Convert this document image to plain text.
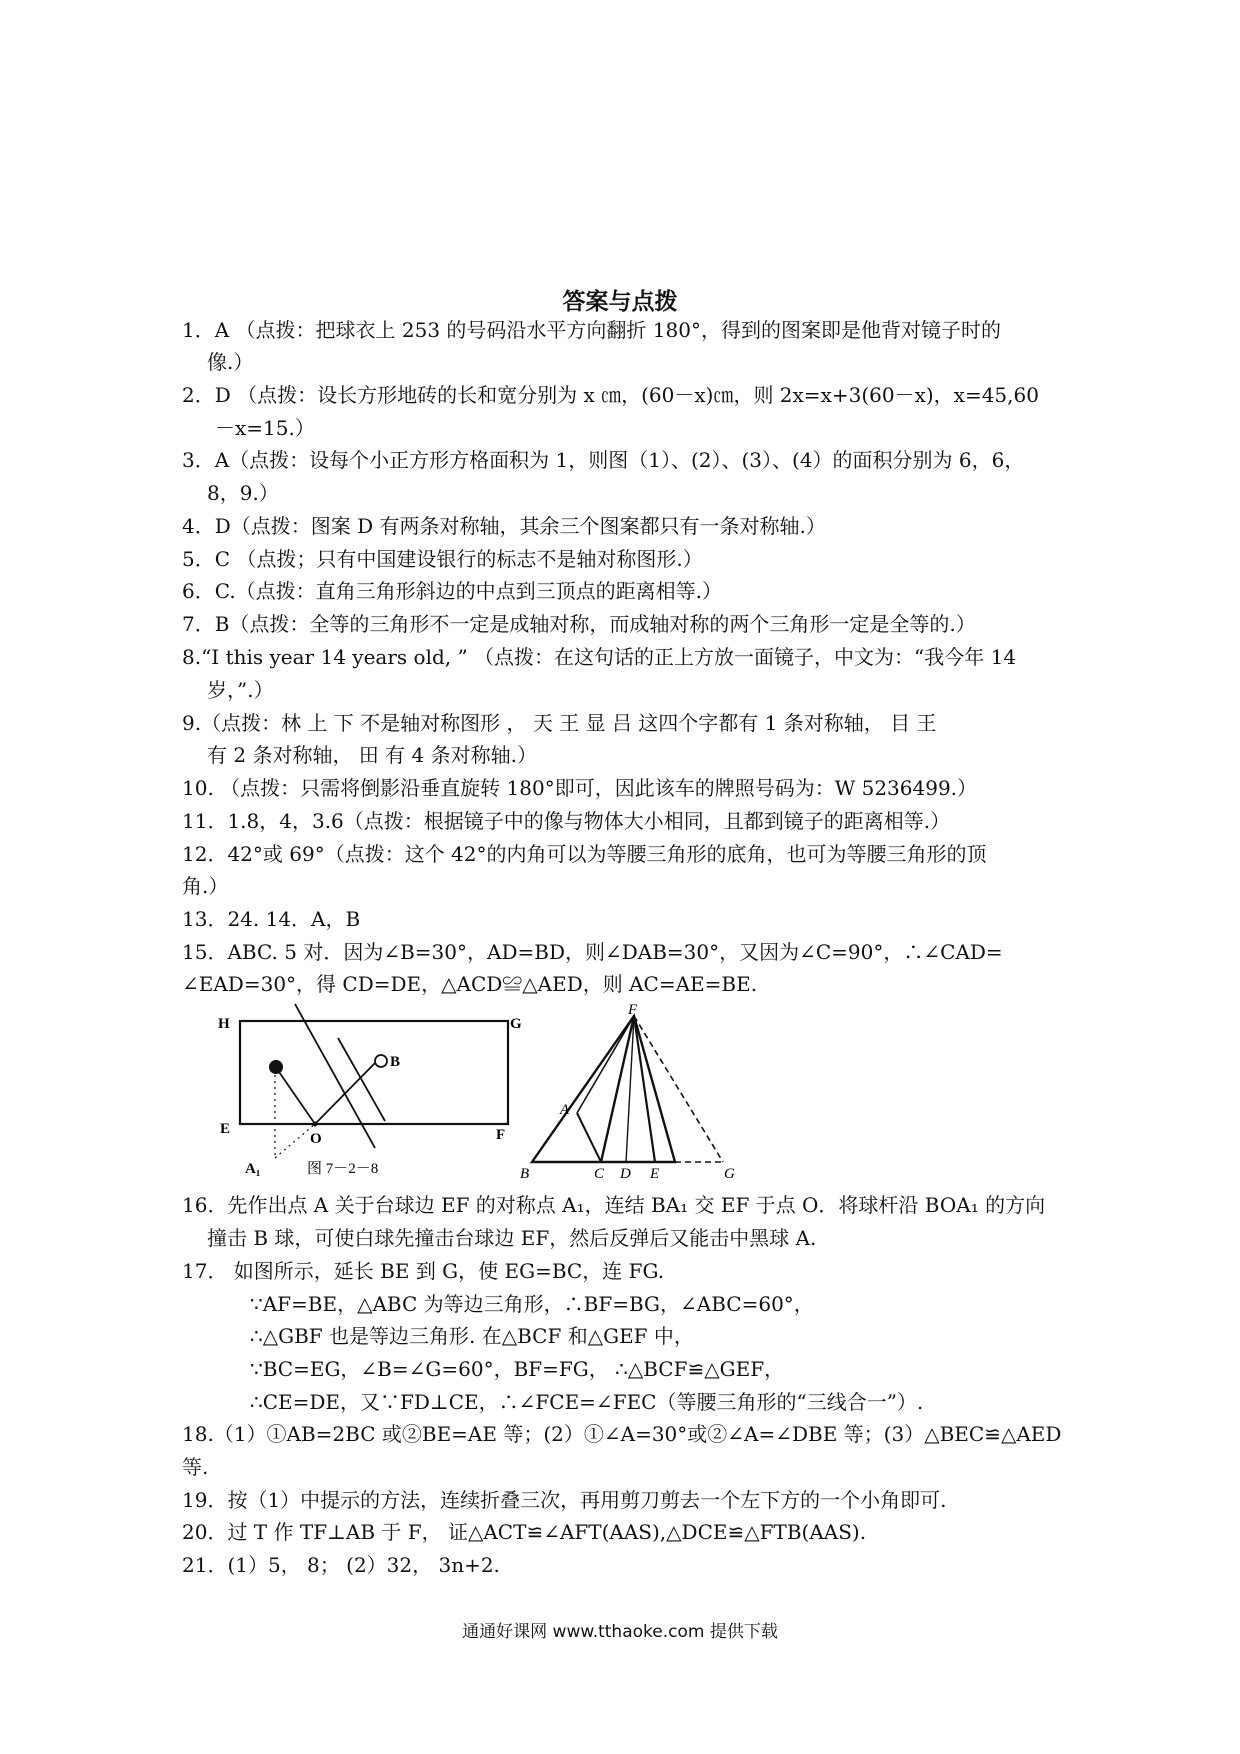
答案与点拨
1．A （点拨：把球衣上 253 的号码沿水平方向翻折 180°，得到的图案即是他背对镜子时的
像.）
2．D （点拨：设长方形地砖的长和宽分别为 x ㎝，(60－x)㎝，则 2x=x+3(60－x)，x=45,60
－x=15.）
3．A（点拨：设每个小正方形方格面积为 1，则图（1）、(2）、(3）、(4）的面积分别为 6，6，
8，9.）
4．D（点拨：图案 D 有两条对称轴，其余三个图案都只有一条对称轴.）
5．C （点拨；只有中国建设银行的标志不是轴对称图形.）
6．C.（点拨：直角三角形斜边的中点到三顶点的距离相等.）
7．B（点拨：全等的三角形不一定是成轴对称，而成轴对称的两个三角形一定是全等的.）
8.“I this year 14 years old, ” （点拨：在这句话的正上方放一面镜子，中文为：“我今年 14
岁，”.）
9.（点拨：林 上 下 不是轴对称图形 ， 天 王 显 吕 这四个字都有 1 条对称轴， 目 王
有 2 条对称轴， 田 有 4 条对称轴.）
10. （点拨：只需将倒影沿垂直旋转 180°即可，因此该车的牌照号码为：W 5236499.）
11．1.8，4，3.6（点拨：根据镜子中的像与物体大小相同，且都到镜子的距离相等.）
12．42°或 69°（点拨：这个 42°的内角可以为等腰三角形的底角，也可为等腰三角形的顶
角.）
13．24. 14．A，B
15．ABC. 5 对．因为∠B=30°，AD=BD，则∠DAB=30°，又因为∠C=90°，∴∠CAD=
∠EAD=30°，得 CD=DE，△ACD≌△AED，则 AC=AE=BE.
H	G
E	F
B
O
A₁	图 7－2－8
F
A
B	C D E	G
16．先作出点 A 关于台球边 EF 的对称点 A₁，连结 BA₁ 交 EF 于点 O．将球杆沿 BOA₁ 的方向
撞击 B 球，可使白球先撞击台球边 EF，然后反弹后又能击中黑球 A.
17． 如图所示，延长 BE 到 G，使 EG=BC，连 FG.
∵AF=BE，△ABC 为等边三角形，∴BF=BG，∠ABC=60°，
∴△GBF 也是等边三角形. 在△BCF 和△GEF 中，
∵BC=EG，∠B=∠G=60°，BF=FG， ∴△BCF≌△GEF，
∴CE=DE，又∵FD⊥CE，∴∠FCE=∠FEC（等腰三角形的“三线合一”）.
18.（1）①AB=2BC 或②BE=AE 等；(2）①∠A=30°或②∠A=∠DBE 等；(3）△BEC≌△AED
等.
19．按（1）中提示的方法，连续折叠三次，再用剪刀剪去一个左下方的一个小角即可.
20．过 T 作 TF⊥AB 于 F， 证△ACT≌∠AFT(AAS),△DCE≌△FTB(AAS).
21．(1）5， 8； (2）32， 3n+2.
通通好课网 www.tthaoke.com 提供下载
